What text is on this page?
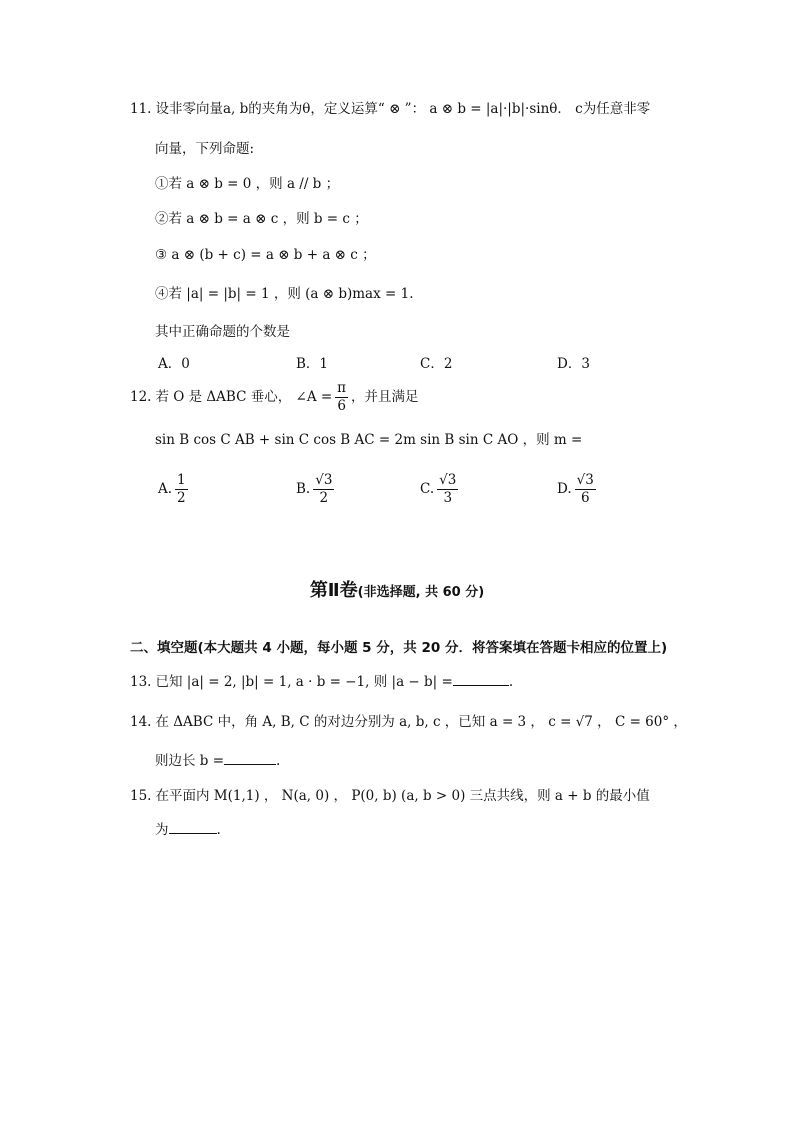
11. 设非零向量a, b的夹角为θ，定义运算“ ⊗ ”： a ⊗ b = |a|·|b|·sinθ． c为任意非零
向量，下列命题:
①若 a ⊗ b = 0 ，则 a // b ；
②若 a ⊗ b = a ⊗ c ，则 b = c ；
③ a ⊗ (b + c) = a ⊗ b + a ⊗ c ；
④若 |a| = |b| = 1 ，则 (a ⊗ b)max = 1.
其中正确命题的个数是
A．0	B．1	C．2	D．3
12. 若 O 是 ΔABC 垂心， ∠A = $\frac{\pi}{6}$ ，并且满足
sin B cos C AB + sin C cos B AC = 2m sin B sin C AO ，则 m =
A. $\frac{1}{2}$	B. $\frac{√3}{2}$	C. $\frac{√3}{3}$	D. $\frac{√3}{6}$
第Ⅱ卷(非选择题, 共 60 分)
二、填空题(本大题共 4 小题，每小题 5 分，共 20 分．将答案填在答题卡相应的位置上)
13. 已知 |a| = 2, |b| = 1, a · b = −1, 则 |a − b| =	.
14. 在 ΔABC 中，角 A, B, C 的对边分别为 a, b, c ，已知 a = 3 ， c = √7 ， C = 60° ，
则边长 b =	.
15. 在平面内 M(1,1) ， N(a, 0) ， P(0, b) (a, b > 0) 三点共线，则 a + b 的最小值
为	.
